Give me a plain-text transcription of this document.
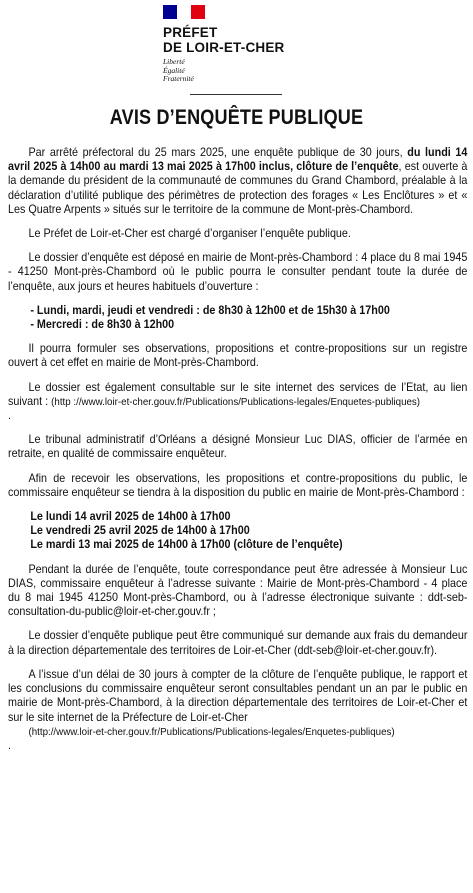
PRÉFET
DE LOIR-ET-CHER
Liberté
Égalité
Fraternité
AVIS D’ENQUÊTE PUBLIQUE

Par arrêté préfectoral du 25 mars 2025, une enquête publique de 30 jours, du lundi 14 avril 2025 à 14h00 au mardi 13 mai 2025 à 17h00 inclus, clôture de l’enquête, est ouverte à la demande du président de la communauté de communes du Grand Chambord, préalable à la déclaration d’utilité publique des périmètres de protection des forages « Les Enclôtures » et « Les Quatre Arpents » situés sur le territoire de la commune de Mont-près-Chambord.

Le Préfet de Loir-et-Cher est chargé d’organiser l’enquête publique.

Le dossier d’enquête est déposé en mairie de Mont-près-Chambord : 4 place du 8 mai 1945 - 41250 Mont-près-Chambord où le public pourra le consulter pendant toute la durée de l’enquête, aux jours et heures habituels d’ouverture :

- Lundi, mardi, jeudi et vendredi : de 8h30 à 12h00 et de 15h30 à 17h00
- Mercredi : de 8h30 à 12h00

Il pourra formuler ses observations, propositions et contre-propositions sur un registre ouvert à cet effet en mairie de Mont-près-Chambord.

Le dossier est également consultable sur le site internet des services de l’Etat, au lien suivant : (http ://www.loir-et-cher.gouv.fr/Publications/Publications-legales/Enquetes-publiques)
.

Le tribunal administratif d’Orléans a désigné Monsieur Luc DIAS, officier de l’armée en retraite, en qualité de commissaire enquêteur.

Afin de recevoir les observations, les propositions et contre-propositions du public, le commissaire enquêteur se tiendra à la disposition du public en mairie de Mont-près-Chambord :

Le lundi 14 avril 2025 de 14h00 à 17h00
Le vendredi 25 avril 2025 de 14h00 à 17h00
Le mardi 13 mai 2025 de 14h00 à 17h00 (clôture de l’enquête)

Pendant la durée de l’enquête, toute correspondance peut être adressée à Monsieur Luc DIAS, commissaire enquêteur à l’adresse suivante : Mairie de Mont-près-Chambord - 4 place du 8 mai 1945 41250 Mont-près-Chambord, ou à l’adresse électronique suivante : ddt-seb-consultation-du-public@loir-et-cher.gouv.fr ;

Le dossier d’enquête publique peut être communiqué sur demande aux frais du demandeur à la direction départementale des territoires de Loir-et-Cher (ddt-seb@loir-et-cher.gouv.fr).

A l’issue d’un délai de 30 jours à compter de la clôture de l’enquête publique, le rapport et les conclusions du commissaire enquêteur seront consultables pendant un an par le public en mairie de Mont-près-Chambord, à la direction départementale des territoires de Loir-et-Cher et sur le site internet de la Préfecture de Loir-et-Cher
(http://www.loir-et-cher.gouv.fr/Publications/Publications-legales/Enquetes-publiques)
.
